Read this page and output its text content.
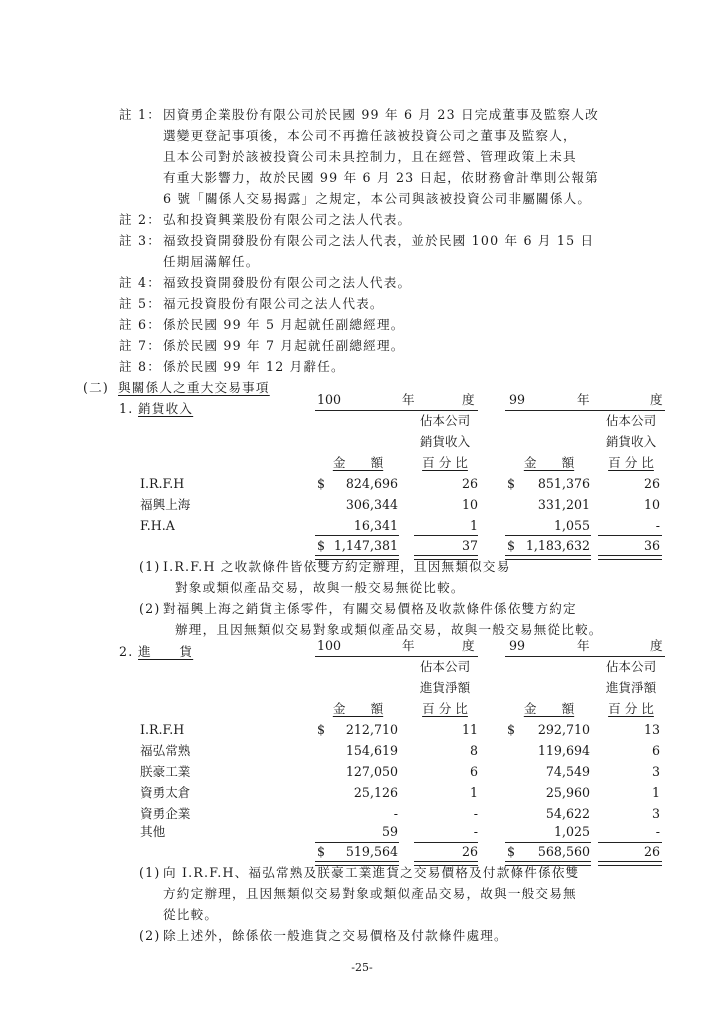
註 1： 因資勇企業股份有限公司於民國 99 年 6 月 23 日完成董事及監察人改
選變更登記事項後，本公司不再擔任該被投資公司之董事及監察人，
且本公司對於該被投資公司未具控制力，且在經營、管理政策上未具
有重大影響力，故於民國 99 年 6 月 23 日起，依財務會計準則公報第
6 號「關係人交易揭露」之規定，本公司與該被投資公司非屬關係人。
註 2： 弘和投資興業股份有限公司之法人代表。
註 3： 福致投資開發股份有限公司之法人代表，並於民國 100 年 6 月 15 日
任期屆滿解任。
註 4： 福致投資開發股份有限公司之法人代表。
註 5： 福元投資股份有限公司之法人代表。
註 6： 係於民國 99 年 5 月起就任副總經理。
註 7： 係於民國 99 年 7 月起就任副總經理。
註 8： 係於民國 99 年 12 月辭任。
(二) 與關係人之重大交易事項
1. 銷貨收入
100	年	度	99	年	度
佔本公司
銷貨收入
百 分 比
佔本公司
銷貨收入
百 分 比
金　　額	金　　額
I.R.F.H	$	824,696	26 $	851,376	26
福興上海	306,344	10	331,201	10
F.H.A	16,341	1	1,055	-
$ 1,147,381	37 $ 1,183,632	36
(1) I.R.F.H 之收款條件皆依雙方約定辦理，且因無類似交易
對象或類似產品交易，故與一般交易無從比較。
(2) 對福興上海之銷貨主係零件，有關交易價格及收款條件係依雙方約定
辦理，且因無類似交易對象或類似產品交易，故與一般交易無從比較。
2. 進　　貨	100	年	度	99	年	度
佔本公司
進貨淨額
百 分 比
佔本公司
進貨淨額
百 分 比
金　　額	金　　額
I.R.F.H	$	212,710	11 $	292,710	13
福弘常熟	154,619	8	119,694	6
朕豪工業	127,050	6	74,549	3
資勇太倉	25,126	1	25,960	1
資勇企業	-	-	54,622	3
其他	59	-	1,025	-
$	519,564	26 $	568,560	26
(1) 向 I.R.F.H、福弘常熟及朕豪工業進貨之交易價格及付款條件係依雙
方約定辦理，且因無類似交易對象或類似產品交易，故與一般交易無
從比較。
(2) 除上述外，餘係依一般進貨之交易價格及付款條件處理。
-25-
